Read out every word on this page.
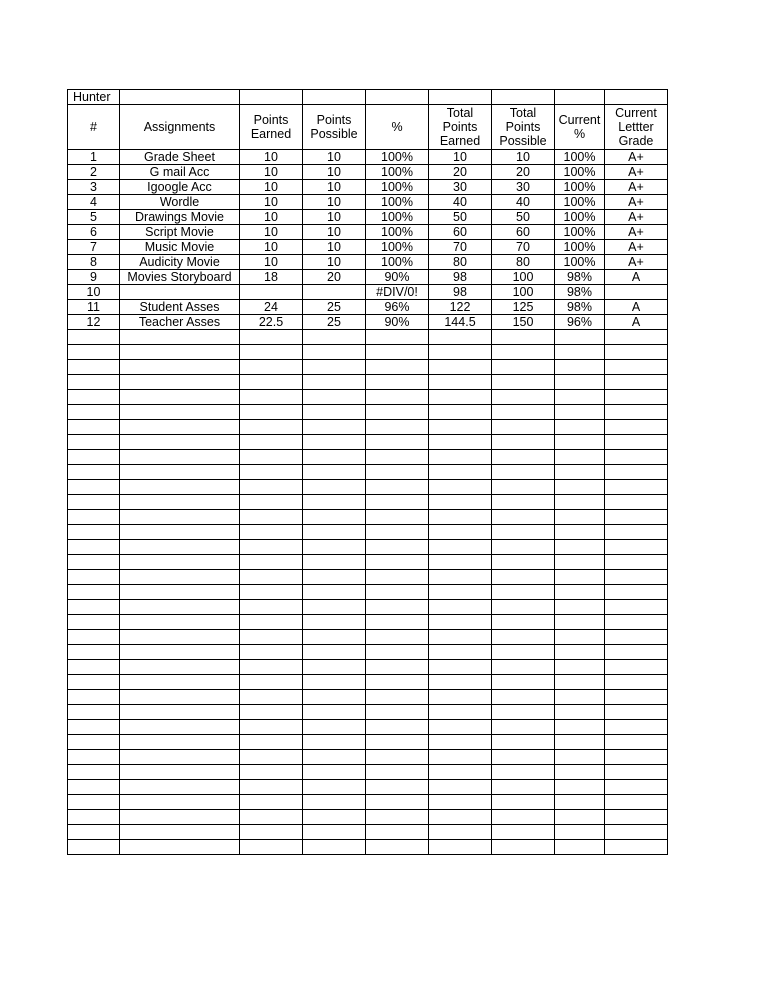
Hunter								
#	Assignments	Points Earned	Points Possible	%	Total Points Earned	Total Points Possible	Current %	Current Lettter Grade
1	Grade Sheet	10	10	100%	10	10	100%	A+
2	G mail Acc	10	10	100%	20	20	100%	A+
3	Igoogle Acc	10	10	100%	30	30	100%	A+
4	Wordle	10	10	100%	40	40	100%	A+
5	Drawings Movie	10	10	100%	50	50	100%	A+
6	Script Movie	10	10	100%	60	60	100%	A+
7	Music Movie	10	10	100%	70	70	100%	A+
8	Audicity Movie	10	10	100%	80	80	100%	A+
9	Movies Storyboard	18	20	90%	98	100	98%	A
10				#DIV/0!	98	100	98%	
11	Student Asses	24	25	96%	122	125	98%	A
12	Teacher Asses	22.5	25	90%	144.5	150	96%	A
